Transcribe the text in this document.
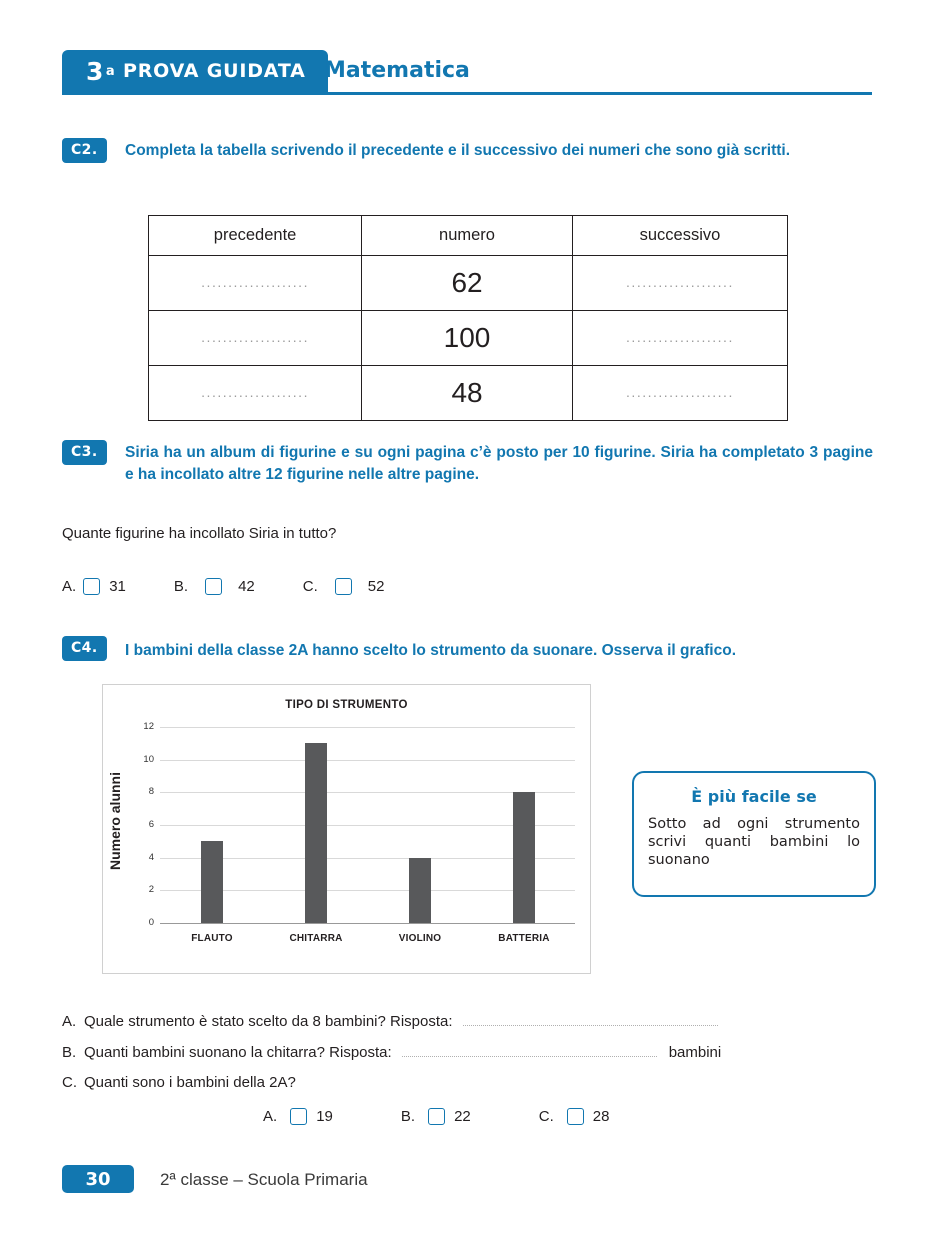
3 a
PROVA GUIDATA Matematica
C2.	Completa la tabella scrivendo il precedente e il successivo dei numeri che sono già scritti.
precedente	numero	successivo
....................	62	....................
....................	100	....................
....................	48	....................
C3.	Siria ha un album di figurine e su ogni pagina c’è posto per 10 figurine. Siria ha completato 3 pagine e ha incollato altre 12 figurine nelle altre pagine.
Quante figurine ha incollato Siria in tutto?
A. 31	B.	42	C.	52
C4.	I bambini della classe 2A hanno scelto lo strumento da suonare. Osserva il grafico.
TIPO DI STRUMENTO
Numero alunni
12
10
8
6
4
2
0
FLAUTO	CHITARRA	VIOLINO	BATTERIA
È più facile se
Sotto ad ogni strumento scrivi quanti bambini lo suonano
A. Quale strumento è stato scelto da 8 bambini? Risposta:
B. Quanti bambini suonano la chitarra? Risposta:	bambini
C. Quanti sono i bambini della 2A?
A.	19	B.	22	C.	28
30	2ª classe – Scuola Primaria
